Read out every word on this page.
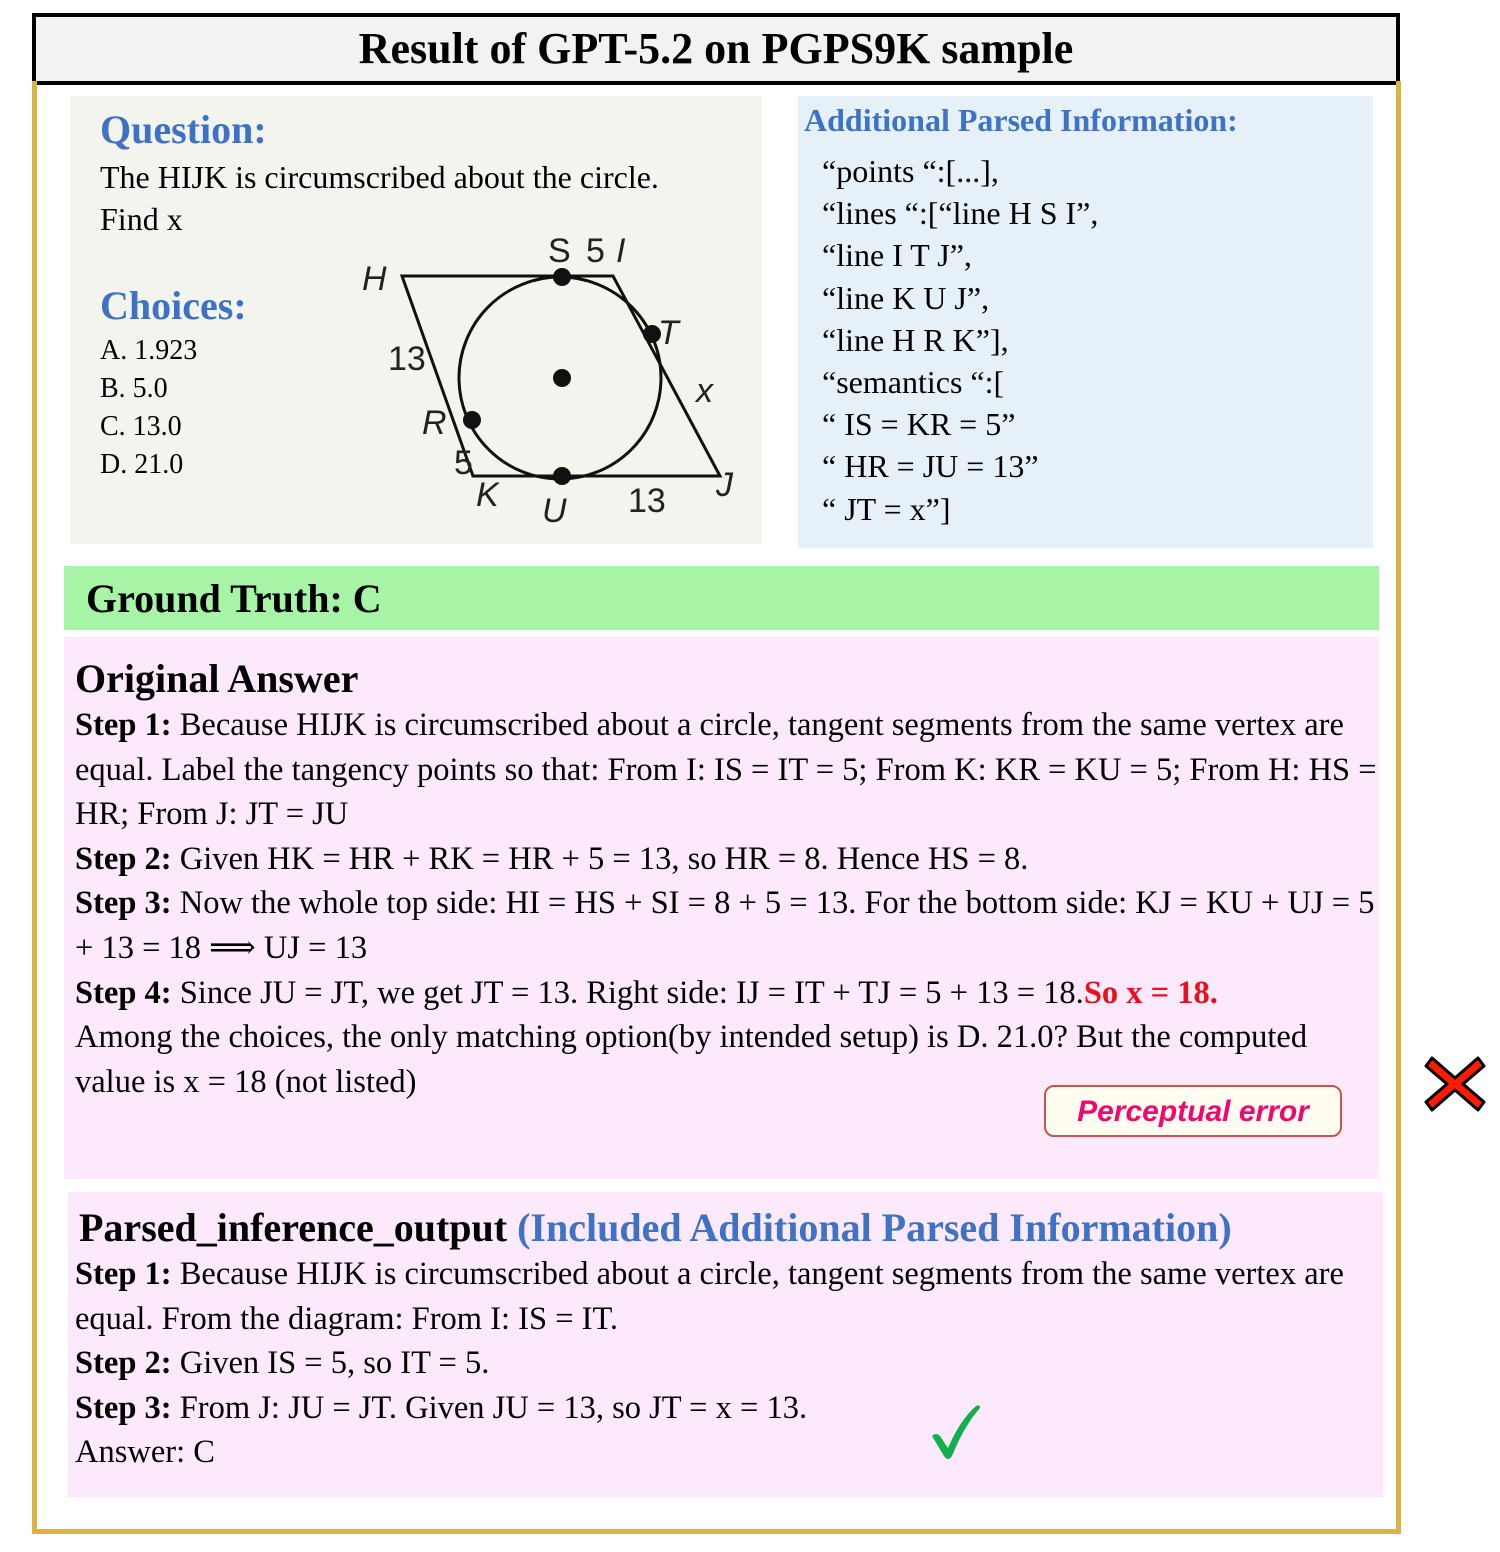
Result of GPT-5.2 on PGPS9K sample
Question:
The HIJK is circumscribed about the circle.
Find x
Choices:
A. 1.923
B. 5.0
C. 13.0
D. 21.0
H
S 5 I
T
13
x
R
5
K U 13 J
Additional Parsed Information:
“points “:[...],
“lines “:[“line H S I”,
“line I T J”,
“line K U J”,
“line H R K”],
“semantics “:[
“ IS = KR = 5”
“ HR = JU = 13”
“ JT = x”]
Ground Truth: C
Original Answer
Step 1: Because HIJK is circumscribed about a circle, tangent segments from the same vertex are equal. Label the tangency points so that: From I: IS = IT = 5; From K: KR = KU = 5; From H: HS = HR; From J: JT = JU
Step 2: Given HK = HR + RK = HR + 5 = 13, so HR = 8. Hence HS = 8.
Step 3: Now the whole top side: HI = HS + SI = 8 + 5 = 13. For the bottom side: KJ = KU + UJ = 5 + 13 = 18 ⟹ UJ = 13
Step 4: Since JU = JT, we get JT = 13. Right side: IJ = IT + TJ = 5 + 13 = 18.So x = 18.
Among the choices, the only matching option(by intended setup) is D. 21.0? But the computed value is x = 18 (not listed)
Perceptual error
Parsed_inference_output (Included Additional Parsed Information)
Step 1: Because HIJK is circumscribed about a circle, tangent segments from the same vertex are equal. From the diagram: From I: IS = IT.
Step 2: Given IS = 5, so IT = 5.
Step 3: From J: JU = JT. Given JU = 13, so JT = x = 13.
Answer: C
